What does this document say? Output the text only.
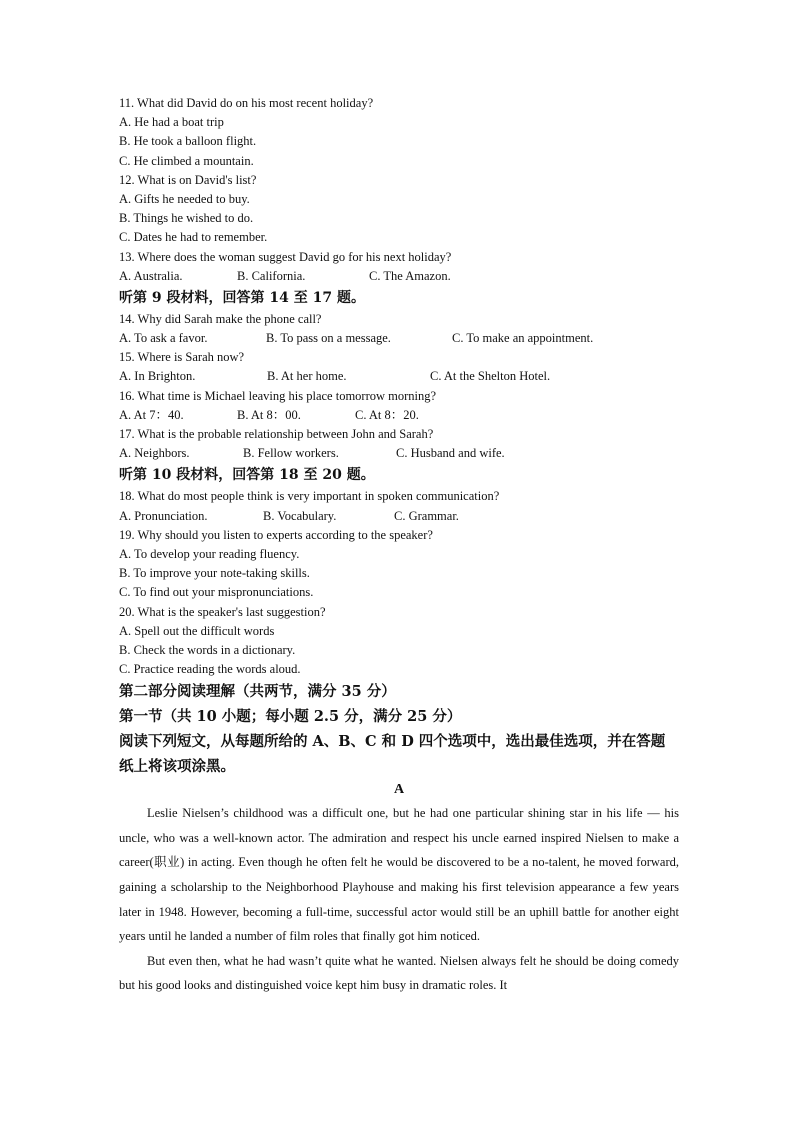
11. What did David do on his most recent holiday?
A. He had a boat trip
B. He took a balloon flight.
C. He climbed a mountain.
12. What is on David's list?
A. Gifts he needed to buy.
B. Things he wished to do.
C. Dates he had to remember.
13. Where does the woman suggest David go for his next holiday?
A. Australia.	B. California.	C. The Amazon.
听第 9 段材料，回答第 14 至 17 题。
14. Why did Sarah make the phone call?
A. To ask a favor.	B. To pass on a message.	C. To make an appointment.
15. Where is Sarah now?
A. In Brighton.	B. At her home.	C. At the Shelton Hotel.
16. What time is Michael leaving his place tomorrow morning?
A. At 7：40.	B. At 8：00.	C. At 8：20.
17. What is the probable relationship between John and Sarah?
A. Neighbors.	B. Fellow workers.	C. Husband and wife.
听第 10 段材料，回答第 18 至 20 题。
18. What do most people think is very important in spoken communication?
A. Pronunciation.	B. Vocabulary.	C. Grammar.
19. Why should you listen to experts according to the speaker?
A. To develop your reading fluency.
B. To improve your note-taking skills.
C. To find out your mispronunciations.
20. What is the speaker's last suggestion?
A. Spell out the difficult words
B. Check the words in a dictionary.
C. Practice reading the words aloud.
第二部分阅读理解（共两节，满分 35 分）
第一节（共 10 小题；每小题 2.5 分，满分 25 分）
阅读下列短文，从每题所给的 A、B、C 和 D 四个选项中，选出最佳选项，并在答题纸上将该项涂黑。
A

Leslie Nielsen’s childhood was a difficult one, but he had one particular shining star in his life — his uncle, who was a well-known actor. The admiration and respect his uncle earned inspired Nielsen to make a career(职业) in acting. Even though he often felt he would be discovered to be a no-talent, he moved forward, gaining a scholarship to the Neighborhood Playhouse and making his first television appearance a few years later in 1948. However, becoming a full-time, successful actor would still be an uphill battle for another eight years until he landed a number of film roles that finally got him noticed.

But even then, what he had wasn’t quite what he wanted. Nielsen always felt he should be doing comedy but his good looks and distinguished voice kept him busy in dramatic roles. It
